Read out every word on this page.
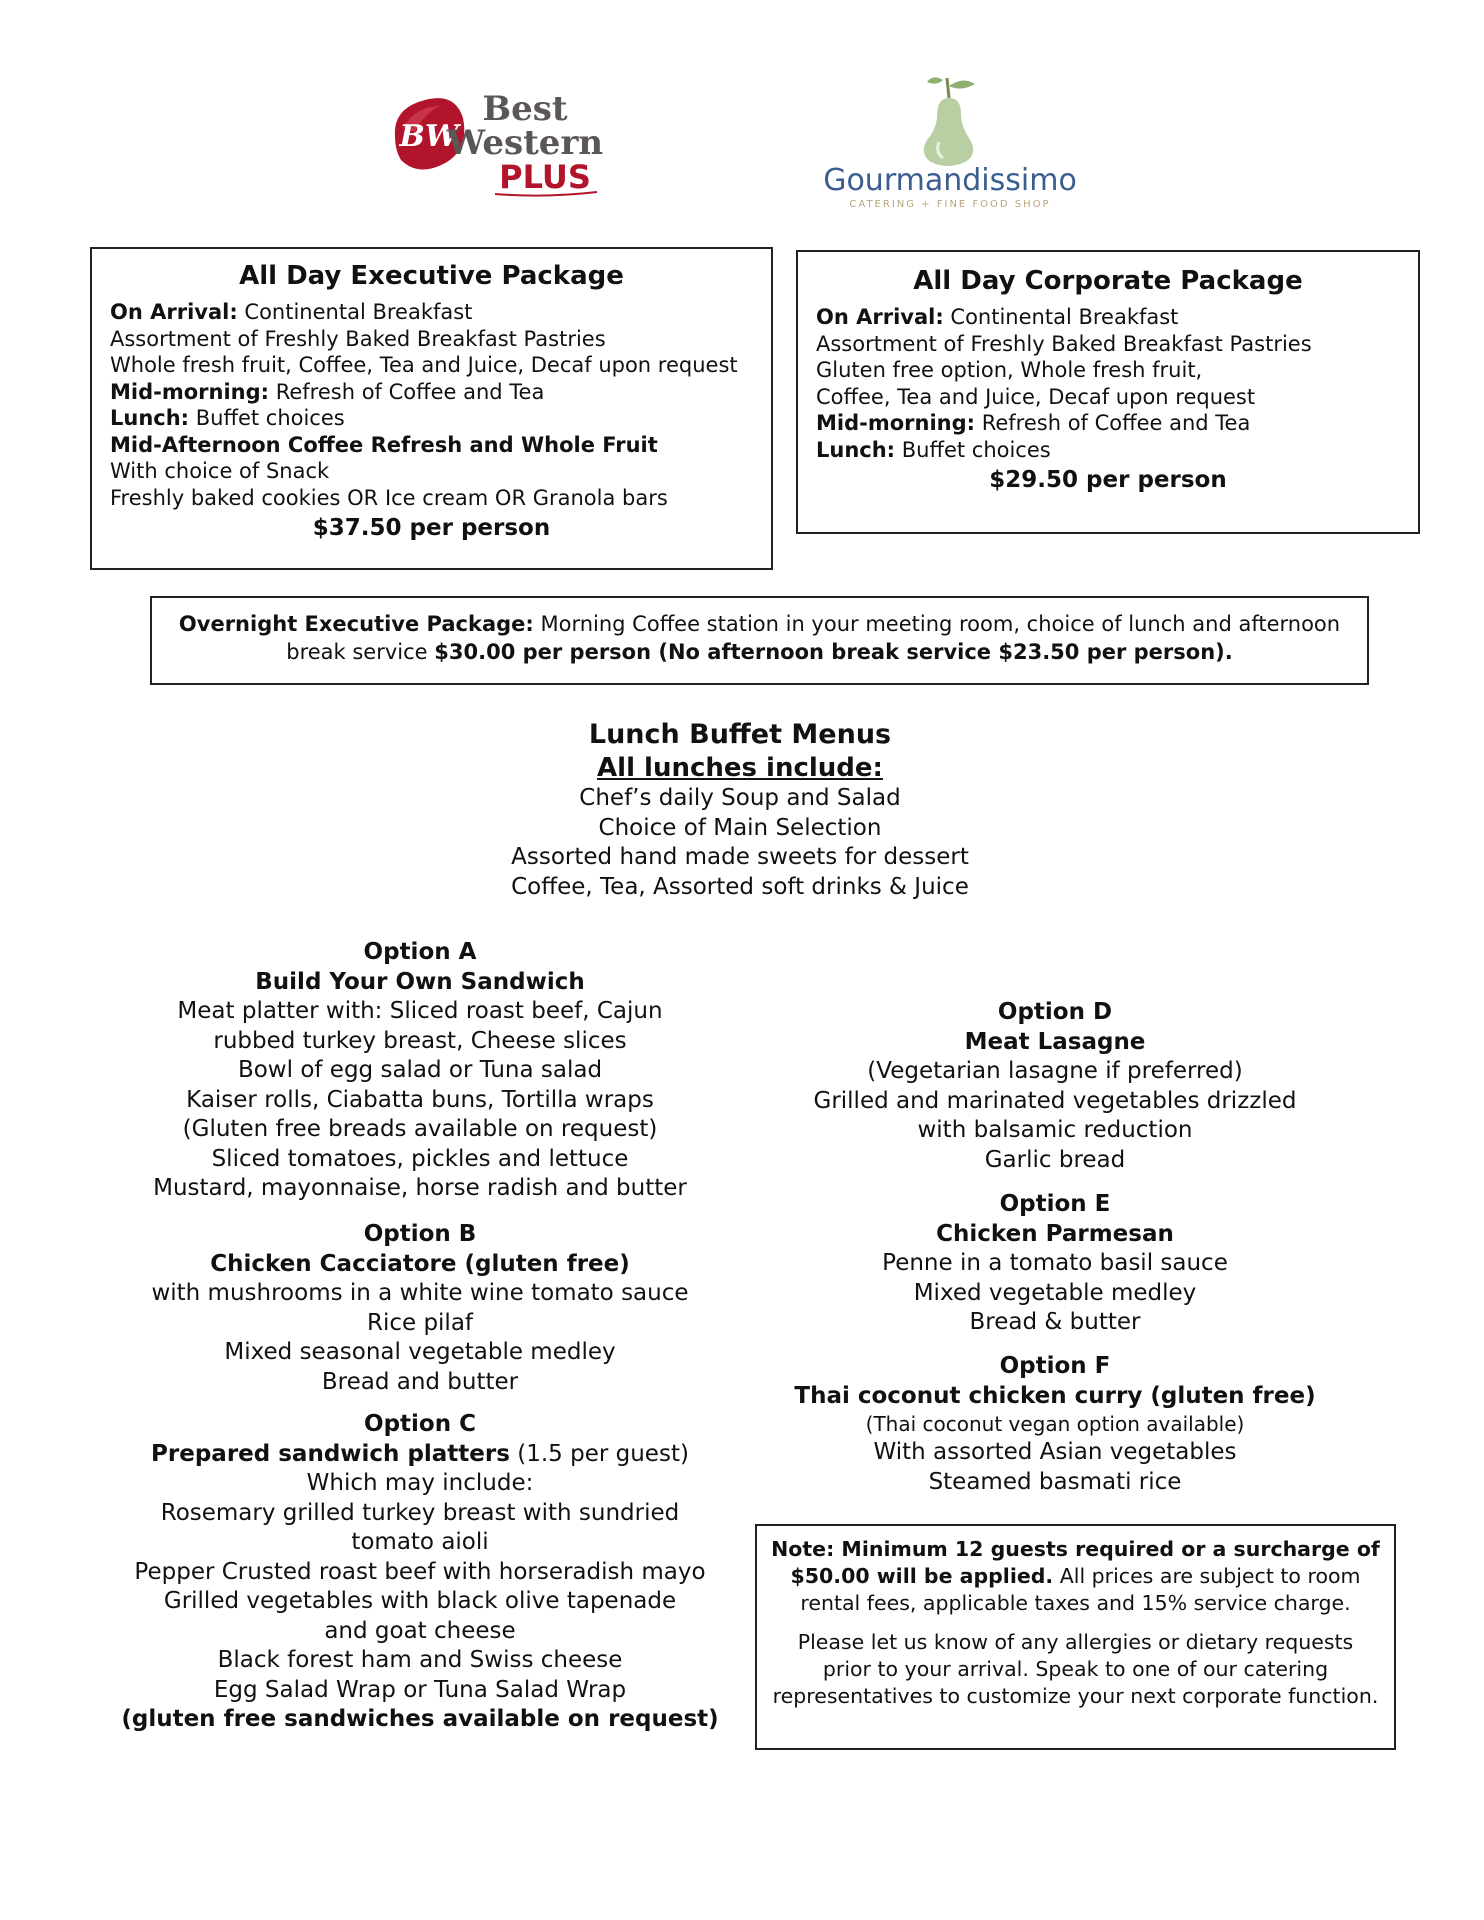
BW
Best
Western
PLUS	Gourmandissimo
CATERING + FINE FOOD SHOP
All Day Executive Package
On Arrival: Continental Breakfast
Assortment of Freshly Baked Breakfast Pastries
Whole fresh fruit, Coffee, Tea and Juice, Decaf upon request
Mid-morning: Refresh of Coffee and Tea
Lunch: Buffet choices
Mid-Afternoon Coffee Refresh and Whole Fruit
With choice of Snack
Freshly baked cookies OR Ice cream OR Granola bars
$37.50 per person
All Day Corporate Package
On Arrival: Continental Breakfast
Assortment of Freshly Baked Breakfast Pastries
Gluten free option, Whole fresh fruit,
Coffee, Tea and Juice, Decaf upon request
Mid-morning: Refresh of Coffee and Tea
Lunch: Buffet choices
$29.50 per person
Overnight Executive Package: Morning Coffee station in your meeting room, choice of lunch and afternoon
break service $30.00 per person (No afternoon break service $23.50 per person).
Lunch Buffet Menus
All lunches include:
Chef’s daily Soup and Salad
Choice of Main Selection
Assorted hand made sweets for dessert
Coffee, Tea, Assorted soft drinks & Juice
Option A
Build Your Own Sandwich
Meat platter with: Sliced roast beef, Cajun
rubbed turkey breast, Cheese slices
Bowl of egg salad or Tuna salad
Kaiser rolls, Ciabatta buns, Tortilla wraps
(Gluten free breads available on request)
Sliced tomatoes, pickles and lettuce
Mustard, mayonnaise, horse radish and butter
Option B
Chicken Cacciatore (gluten free)
with mushrooms in a white wine tomato sauce
Rice pilaf
Mixed seasonal vegetable medley
Bread and butter
Option C
Prepared sandwich platters (1.5 per guest)
Which may include:
Rosemary grilled turkey breast with sundried
tomato aioli
Pepper Crusted roast beef with horseradish mayo
Grilled vegetables with black olive tapenade
and goat cheese
Black forest ham and Swiss cheese
Egg Salad Wrap or Tuna Salad Wrap
(gluten free sandwiches available on request)
Option D
Meat Lasagne
(Vegetarian lasagne if preferred)
Grilled and marinated vegetables drizzled
with balsamic reduction
Garlic bread
Option E
Chicken Parmesan
Penne in a tomato basil sauce
Mixed vegetable medley
Bread & butter
Option F
Thai coconut chicken curry (gluten free)
(Thai coconut vegan option available)
With assorted Asian vegetables
Steamed basmati rice

Note: Minimum 12 guests required or a surcharge of $50.00 will be applied. All prices are subject to room rental fees, applicable taxes and 15% service charge.

Please let us know of any allergies or dietary requests prior to your arrival. Speak to one of our catering representatives to customize your next corporate function.
